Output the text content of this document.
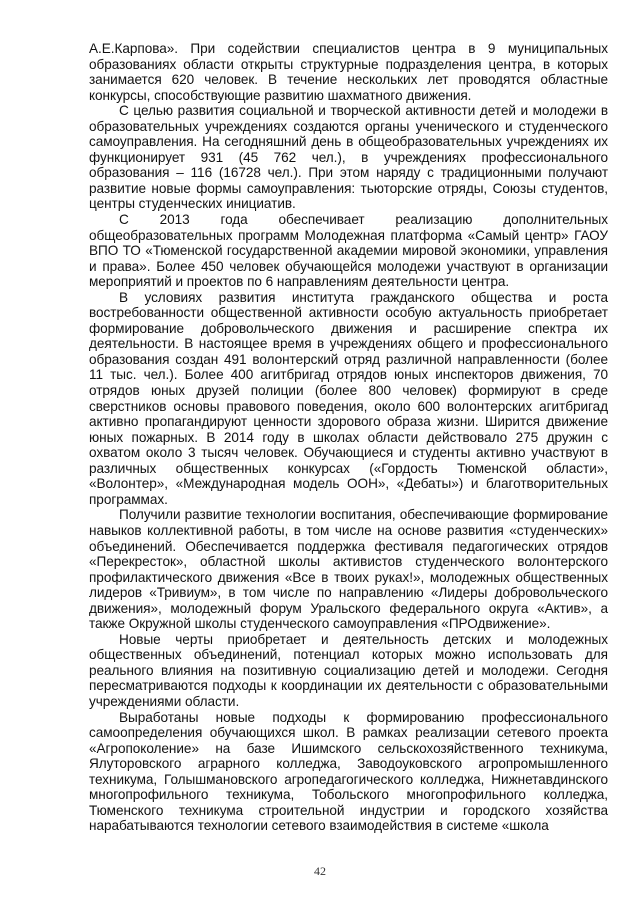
А.Е.Карпова». При содействии специалистов центра в 9 муниципальных образованиях области открыты структурные подразделения центра, в которых занимается 620 человек. В течение нескольких лет проводятся областные конкурсы, способствующие развитию шахматного движения.

С целью развития социальной и творческой активности детей и молодежи в образовательных учреждениях создаются органы ученического и студенческого самоуправления. На сегодняшний день в общеобразовательных учреждениях их функционирует 931 (45 762 чел.), в учреждениях профессионального образования – 116 (16728 чел.). При этом наряду с традиционными получают развитие новые формы самоуправления: тьюторские отряды, Союзы студентов, центры студенческих инициатив.

С 2013 года обеспечивает реализацию дополнительных общеобразовательных программ Молодежная платформа «Самый центр» ГАОУ ВПО ТО «Тюменской государственной академии мировой экономики, управления и права». Более 450 человек обучающейся молодежи участвуют в организации мероприятий и проектов по 6 направлениям деятельности центра.

В условиях развития института гражданского общества и роста востребованности общественной активности особую актуальность приобретает формирование добровольческого движения и расширение спектра их деятельности. В настоящее время в учреждениях общего и профессионального образования создан 491 волонтерский отряд различной направленности (более 11 тыс. чел.). Более 400 агитбригад отрядов юных инспекторов движения, 70 отрядов юных друзей полиции (более 800 человек) формируют в среде сверстников основы правового поведения, около 600 волонтерских агитбригад активно пропагандируют ценности здорового образа жизни. Ширится движение юных пожарных. В 2014 году в школах области действовало 275 дружин с охватом около 3 тысяч человек. Обучающиеся и студенты активно участвуют в различных общественных конкурсах («Гордость Тюменской области», «Волонтер», «Международная модель ООН», «Дебаты») и благотворительных программах.

Получили развитие технологии воспитания, обеспечивающие формирование навыков коллективной работы, в том числе на основе развития «студенческих» объединений. Обеспечивается поддержка фестиваля педагогических отрядов «Перекресток», областной школы активистов студенческого волонтерского профилактического движения «Все в твоих руках!», молодежных общественных лидеров «Тривиум», в том числе по направлению «Лидеры добровольческого движения», молодежный форум Уральского федерального округа «Актив», а также Окружной школы студенческого самоуправления «ПРОдвижение».

Новые черты приобретает и деятельность детских и молодежных общественных объединений, потенциал которых можно использовать для реального влияния на позитивную социализацию детей и молодежи. Сегодня пересматриваются подходы к координации их деятельности с образовательными учреждениями области.

Выработаны новые подходы к формированию профессионального самоопределения обучающихся школ. В рамках реализации сетевого проекта «Агропоколение» на базе Ишимского сельскохозяйственного техникума, Ялуторовского аграрного колледжа, Заводоуковского агропромышленного техникума, Голышмановского агропедагогического колледжа, Нижнетавдинского многопрофильного техникума, Тобольского многопрофильного колледжа, Тюменского техникума строительной индустрии и городского хозяйства нарабатываются технологии сетевого взаимодействия в системе «школа

42
